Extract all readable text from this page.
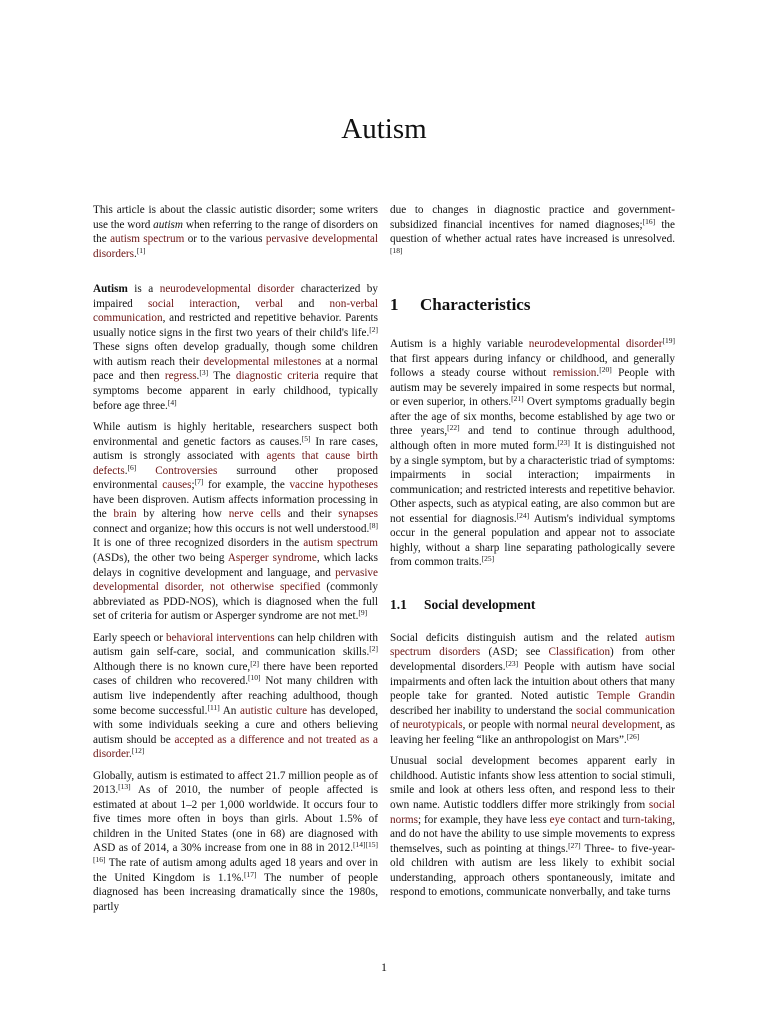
Autism

This article is about the classic autistic disorder; some writers use the word autism when referring to the range of disorders on the autism spectrum or to the various pervasive developmental disorders.[1]

Autism is a neurodevelopmental disorder characterized by impaired social interaction, verbal and non-verbal communication, and restricted and repetitive behavior. Parents usually notice signs in the first two years of their child's life.[2] These signs often develop gradually, though some children with autism reach their developmental milestones at a normal pace and then regress.[3] The diagnostic criteria require that symptoms become apparent in early childhood, typically before age three.[4]

While autism is highly heritable, researchers suspect both environmental and genetic factors as causes.[5] In rare cases, autism is strongly associated with agents that cause birth defects.[6] Controversies surround other proposed environmental causes;[7] for example, the vaccine hypotheses have been disproven. Autism affects information processing in the brain by altering how nerve cells and their synapses connect and organize; how this occurs is not well understood.[8] It is one of three recognized disorders in the autism spectrum (ASDs), the other two being Asperger syndrome, which lacks delays in cognitive development and language, and pervasive developmental disorder, not otherwise specified (commonly abbreviated as PDD-NOS), which is diagnosed when the full set of criteria for autism or Asperger syndrome are not met.[9]

Early speech or behavioral interventions can help children with autism gain self-care, social, and communication skills.[2] Although there is no known cure,[2] there have been reported cases of children who recovered.[10] Not many children with autism live independently after reaching adulthood, though some become successful.[11] An autistic culture has developed, with some individuals seeking a cure and others believing autism should be accepted as a difference and not treated as a disorder.[12]

Globally, autism is estimated to affect 21.7 million people as of 2013.[13] As of 2010, the number of people affected is estimated at about 1–2 per 1,000 worldwide. It occurs four to five times more often in boys than girls. About 1.5% of children in the United States (one in 68) are diagnosed with ASD as of 2014, a 30% increase from one in 88 in 2012.[14][15][16] The rate of autism among adults aged 18 years and over in the United Kingdom is 1.1%.[17] The number of people diagnosed has been increasing dramatically since the 1980s, partly

due to changes in diagnostic practice and government-subsidized financial incentives for named diagnoses;[16] the question of whether actual rates have increased is unresolved.[18]

1 Characteristics

Autism is a highly variable neurodevelopmental disorder[19] that first appears during infancy or childhood, and generally follows a steady course without remission.[20] People with autism may be severely impaired in some respects but normal, or even superior, in others.[21] Overt symptoms gradually begin after the age of six months, become established by age two or three years,[22] and tend to continue through adulthood, although often in more muted form.[23] It is distinguished not by a single symptom, but by a characteristic triad of symptoms: impairments in social interaction; impairments in communication; and restricted interests and repetitive behavior. Other aspects, such as atypical eating, are also common but are not essential for diagnosis.[24] Autism's individual symptoms occur in the general population and appear not to associate highly, without a sharp line separating pathologically severe from common traits.[25]

1.1 Social development

Social deficits distinguish autism and the related autism spectrum disorders (ASD; see Classification) from other developmental disorders.[23] People with autism have social impairments and often lack the intuition about others that many people take for granted. Noted autistic Temple Grandin described her inability to understand the social communication of neurotypicals, or people with normal neural development, as leaving her feeling “like an anthropologist on Mars”.[26]

Unusual social development becomes apparent early in childhood. Autistic infants show less attention to social stimuli, smile and look at others less often, and respond less to their own name. Autistic toddlers differ more strikingly from social norms; for example, they have less eye contact and turn-taking, and do not have the ability to use simple movements to express themselves, such as pointing at things.[27] Three- to five-year-old children with autism are less likely to exhibit social understanding, approach others spontaneously, imitate and respond to emotions, communicate nonverbally, and take turns

1
